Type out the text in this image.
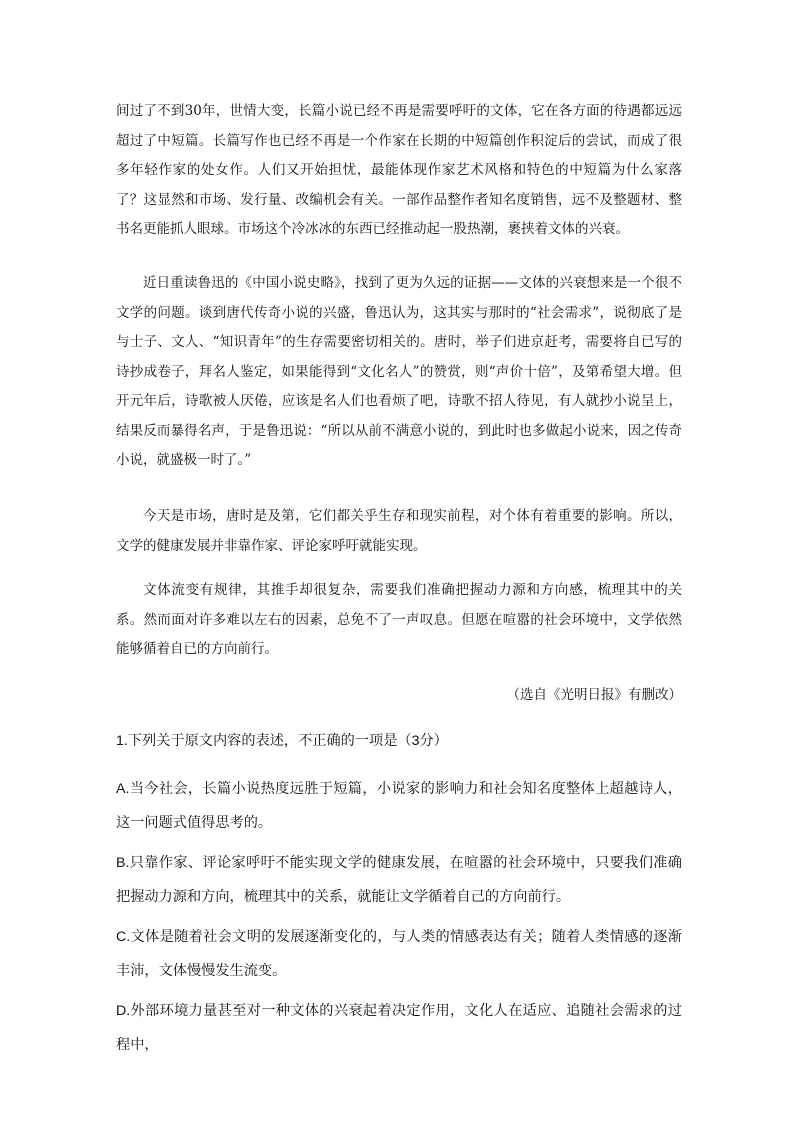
间过了不到30年，世情大变，长篇小说已经不再是需要呼吁的文体，它在各方面的待遇都远远超过了中短篇。长篇写作也已经不再是一个作家在长期的中短篇创作积淀后的尝试，而成了很多年轻作家的处女作。人们又开始担忧，最能体现作家艺术风格和特色的中短篇为什么家落了？这显然和市场、发行量、改编机会有关。一部作品整作者知名度销售，远不及整题材、整书名更能抓人眼球。市场这个冷冰冰的东西已经推动起一股热潮，裹挟着文体的兴衰。

近日重读鲁迅的《中国小说史略》，找到了更为久远的证据——文体的兴衰想来是一个很不文学的问题。谈到唐代传奇小说的兴盛，鲁迅认为，这其实与那时的“社会需求”，说彻底了是与士子、文人、“知识青年”的生存需要密切相关的。唐时，举子们进京赶考，需要将自已写的诗抄成卷子，拜名人鉴定，如果能得到“文化名人”的赞赏，则“声价十倍”，及第希望大增。但开元年后，诗歌被人厌倦，应该是名人们也看烦了吧，诗歌不招人待见，有人就抄小说呈上，结果反而暴得名声，于是鲁迅说：“所以从前不满意小说的，到此时也多做起小说来，因之传奇小说，就盛极一时了。”

今天是市场，唐时是及第，它们都关乎生存和现实前程，对个体有着重要的影响。所以，文学的健康发展并非靠作家、评论家呼吁就能实现。

文体流变有规律，其推手却很复杂，需要我们准确把握动力源和方向感，梳理其中的关系。然而面对许多难以左右的因素，总免不了一声叹息。但愿在喧嚣的社会环境中，文学依然能够循着自已的方向前行。

（选自《光明日报》有删改）

1.下列关于原文内容的表述，不正确的一项是（3分）

A.当今社会，长篇小说热度远胜于短篇，小说家的影响力和社会知名度整体上超越诗人，这一问题式值得思考的。

B.只靠作家、评论家呼吁不能实现文学的健康发展，在喧嚣的社会环境中，只要我们准确把握动力源和方向，梳理其中的关系，就能让文学循着自己的方向前行。

C.文体是随着社会文明的发展逐渐变化的，与人类的情感表达有关；随着人类情感的逐渐丰沛，文体慢慢发生流变。

D.外部环境力量甚至对一种文体的兴衰起着决定作用，文化人在适应、追随社会需求的过程中，
